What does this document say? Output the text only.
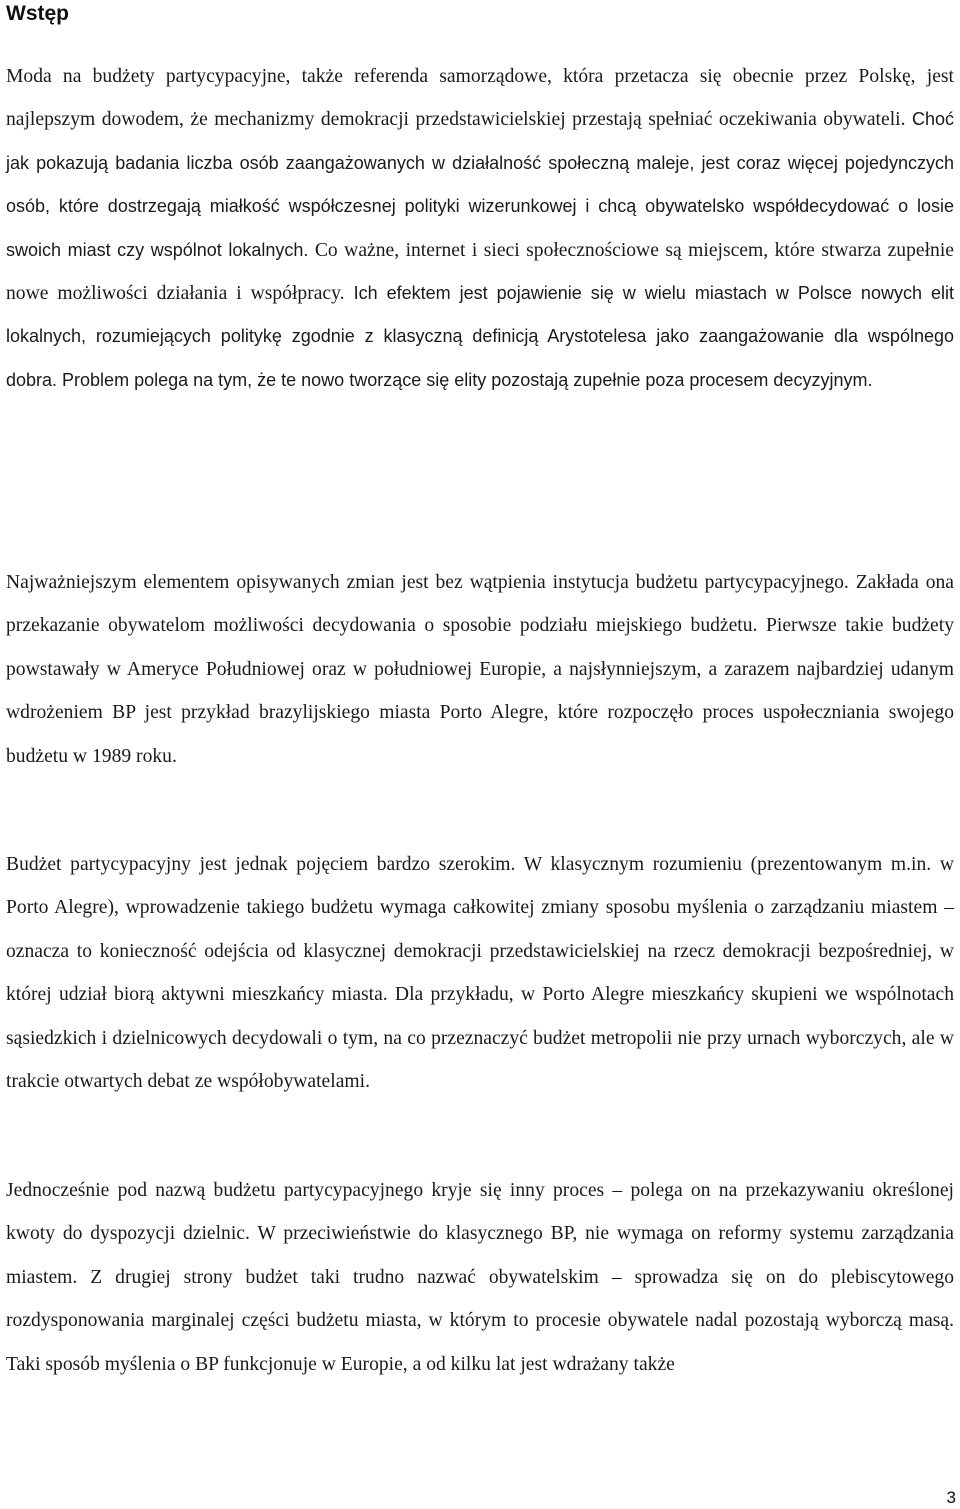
Wstęp

Moda na budżety partycypacyjne, także referenda samorządowe, która przetacza się obecnie przez Polskę, jest najlepszym dowodem, że mechanizmy demokracji przedstawicielskiej przestają spełniać oczekiwania obywateli. Choć jak pokazują badania liczba osób zaangażowanych w działalność społeczną maleje, jest coraz więcej pojedynczych osób, które dostrzegają miałkość współczesnej polityki wizerunkowej i chcą obywatelsko współdecydować o losie swoich miast czy wspólnot lokalnych. Co ważne, internet i sieci społecznościowe są miejscem, które stwarza zupełnie nowe możliwości działania i współpracy. Ich efektem jest pojawienie się w wielu miastach w Polsce nowych elit lokalnych, rozumiejących politykę zgodnie z klasyczną definicją Arystotelesa jako zaangażowanie dla wspólnego dobra. Problem polega na tym, że te nowo tworzące się elity pozostają zupełnie poza procesem decyzyjnym.

Najważniejszym elementem opisywanych zmian jest bez wątpienia instytucja budżetu partycypacyjnego. Zakłada ona przekazanie obywatelom możliwości decydowania o sposobie podziału miejskiego budżetu. Pierwsze takie budżety powstawały w Ameryce Południowej oraz w południowej Europie, a najsłynniejszym, a zarazem najbardziej udanym wdrożeniem BP jest przykład brazylijskiego miasta Porto Alegre, które rozpoczęło proces uspołeczniania swojego budżetu w 1989 roku.

Budżet partycypacyjny jest jednak pojęciem bardzo szerokim. W klasycznym rozumieniu (prezentowanym m.in. w Porto Alegre), wprowadzenie takiego budżetu wymaga całkowitej zmiany sposobu myślenia o zarządzaniu miastem – oznacza to konieczność odejścia od klasycznej demokracji przedstawicielskiej na rzecz demokracji bezpośredniej, w której udział biorą aktywni mieszkańcy miasta. Dla przykładu, w Porto Alegre mieszkańcy skupieni we wspólnotach sąsiedzkich i dzielnicowych decydowali o tym, na co przeznaczyć budżet metropolii nie przy urnach wyborczych, ale w trakcie otwartych debat ze współobywatelami.

Jednocześnie pod nazwą budżetu partycypacyjnego kryje się inny proces – polega on na przekazywaniu określonej kwoty do dyspozycji dzielnic. W przeciwieństwie do klasycznego BP, nie wymaga on reformy systemu zarządzania miastem. Z drugiej strony budżet taki trudno nazwać obywatelskim – sprowadza się on do plebiscytowego rozdysponowania marginalej części budżetu miasta, w którym to procesie obywatele nadal pozostają wyborczą masą. Taki sposób myślenia o BP funkcjonuje w Europie, a od kilku lat jest wdrażany także

3
